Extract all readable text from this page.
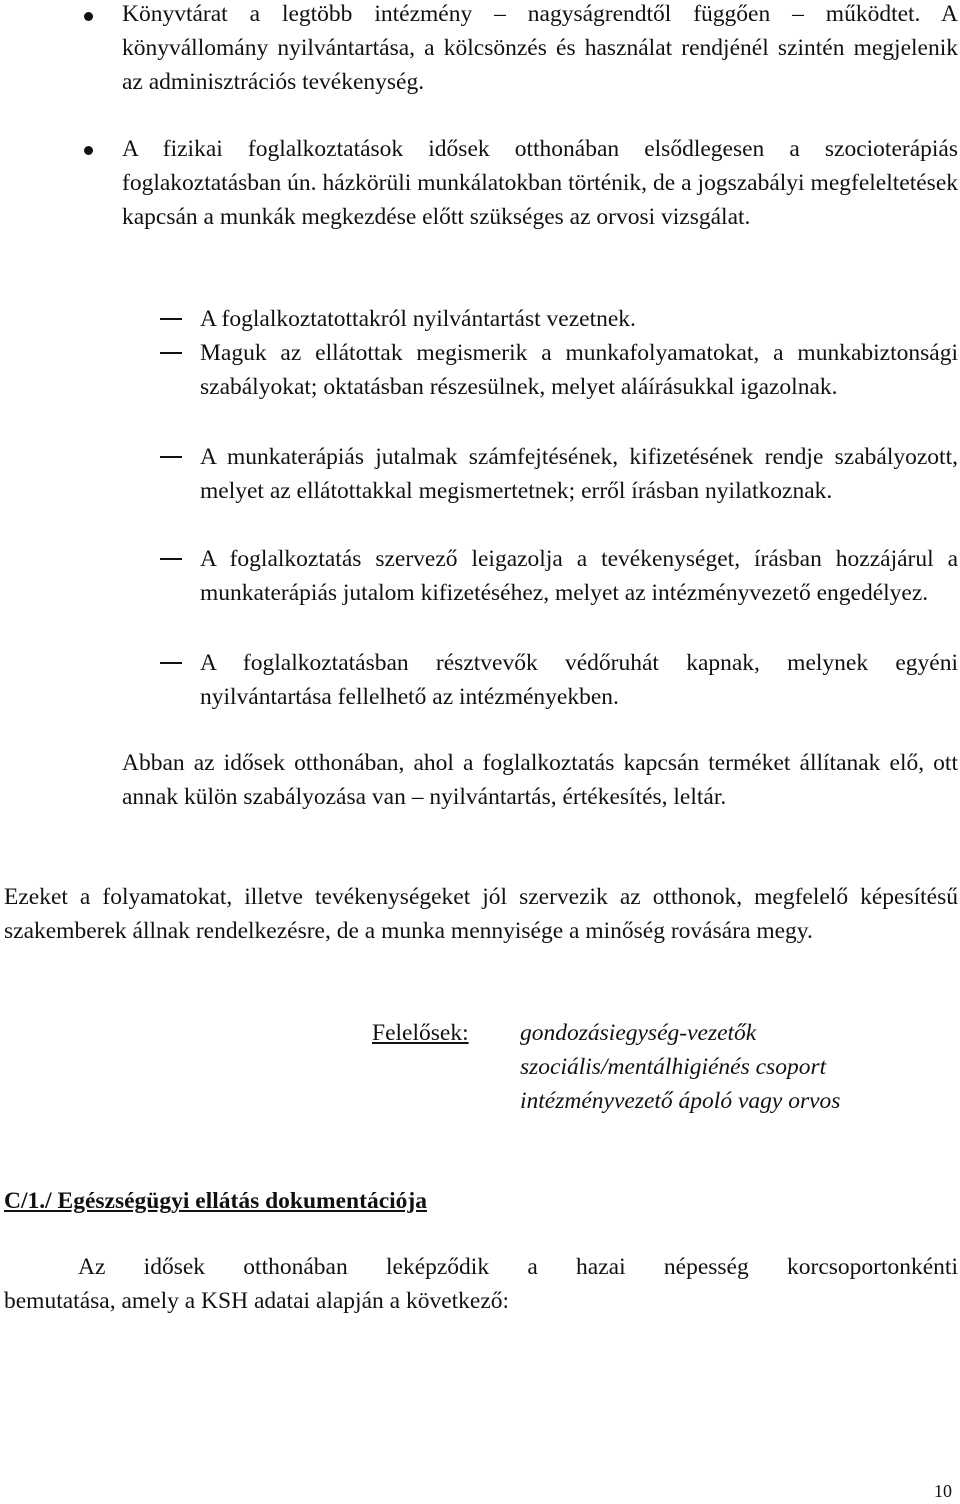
Könyvtárat a legtöbb intézmény – nagyságrendtől függően – működtet. A könyvállomány nyilvántartása, a kölcsönzés és használat rendjénél szintén megjelenik az adminisztrációs tevékenység.
A fizikai foglalkoztatások idősek otthonában elsődlegesen a szocioterápiás foglakoztatásban ún. házkörüli munkálatokban történik, de a jogszabályi megfeleltetések kapcsán a munkák megkezdése előtt szükséges az orvosi vizsgálat.
A foglalkoztatottakról nyilvántartást vezetnek.
Maguk az ellátottak megismerik a munkafolyamatokat, a munkabiztonsági szabályokat; oktatásban részesülnek, melyet aláírásukkal igazolnak.
A munkaterápiás jutalmak számfejtésének, kifizetésének rendje szabályozott, melyet az ellátottakkal megismertetnek; erről írásban nyilatkoznak.
A foglalkoztatás szervező leigazolja a tevékenységet, írásban hozzájárul a munkaterápiás jutalom kifizetéséhez, melyet az intézményvezető engedélyez.
A foglalkoztatásban résztvevők védőruhát kapnak, melynek egyéni nyilvántartása fellelhető az intézményekben.
Abban az idősek otthonában, ahol a foglalkoztatás kapcsán terméket állítanak elő, ott annak külön szabályozása van – nyilvántartás, értékesítés, leltár.
Ezeket a folyamatokat, illetve tevékenységeket jól szervezik az otthonok, megfelelő képesítésű szakemberek állnak rendelkezésre, de a munka mennyisége a minőség rovására megy.
Felelősek: gondozásiegység-vezetők
szociális/mentálhigiénés csoport
intézményvezető ápoló vagy orvos
C/1./ Egészségügyi ellátás dokumentációja
Az idősek otthonában leképződik a hazai népesség korcsoportonkénti
bemutatása, amely a KSH adatai alapján a következő:
10
